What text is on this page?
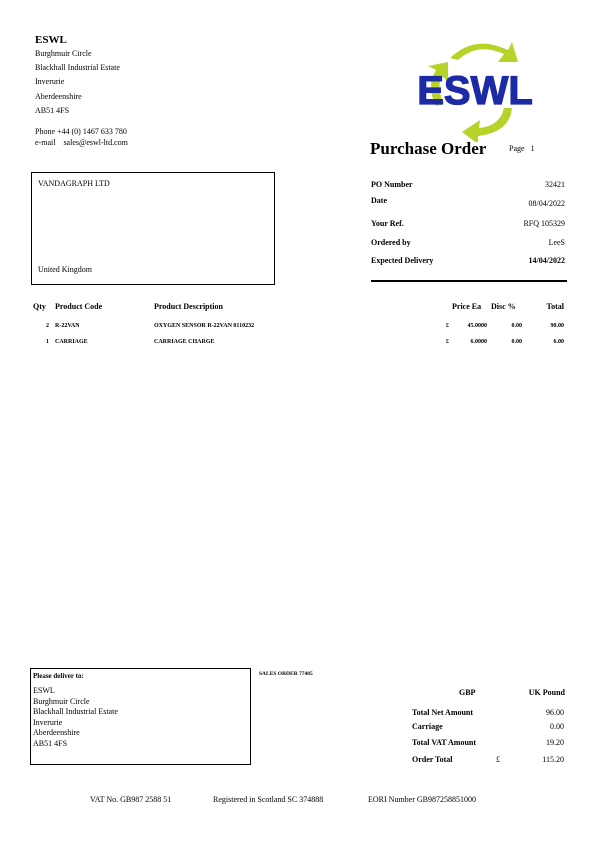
ESWL
Burghmuir Circle
Blackhall Industrial Estate
Inverurie
Aberdeenshire
AB51 4FS
Phone +44 (0) 1467 633 780
e-mail sales@eswl-ltd.com
ESWL
Purchase Order	Page 1
VANDAGRAPH LTD
United Kingdom
PO Number	32421
Date	08/04/2022
Your Ref.	RFQ 105329
Ordered by	LeeS
Expected Delivery	14/04/2022
Qty Product Code	Product Description	Price Ea Disc %	Total
2 R-22VAN	OXYGEN SENSOR R-22VAN 0110232	£	45.0000	0.00	90.00
1 CARRIAGE	CARRIAGE CHARGE	£	6.0000	0.00	6.00
Please deliver to:
ESWL
Burghmuir Circle
Blackhall Industrial Estate
Inverurie
Aberdeenshire
AB51 4FS
SALES ORDER 77485
GBP	UK Pound
Total Net Amount	96.00
Carriage	0.00
Total VAT Amount	19.20
Order Total	£	115.20
VAT No. GB987 2588 51	Registered in Scotland SC 374888	EORI Number GB987258851000
